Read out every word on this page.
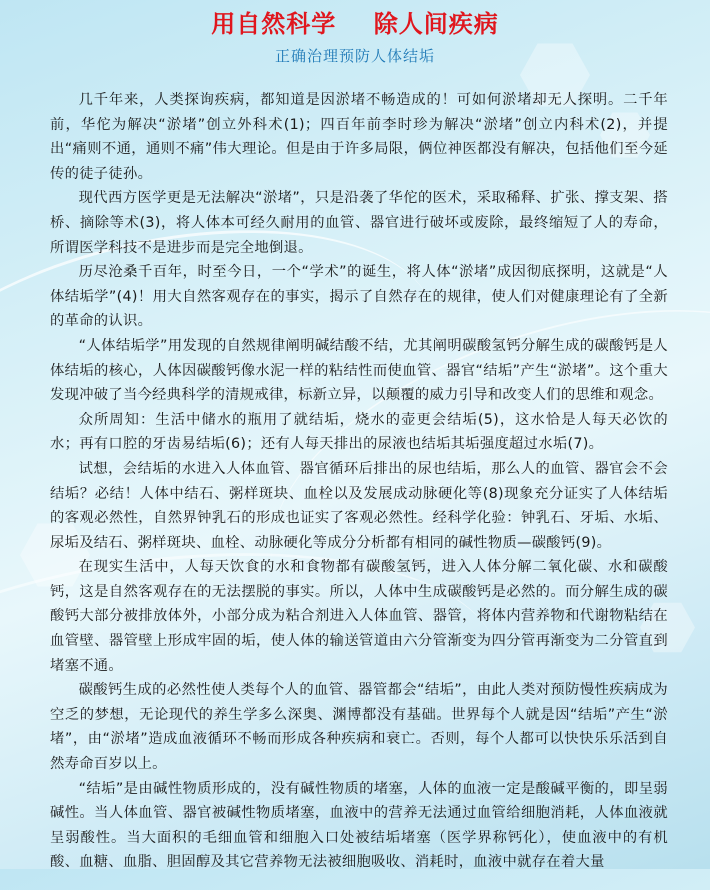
用自然科学    除人间疾病
正确治理预防人体结垢

几千年来，人类探询疾病，都知道是因淤堵不畅造成的！可如何淤堵却无人探明。二千年前，华佗为解决“淤堵”创立外科术(1)；四百年前李时珍为解决“淤堵”创立内科术(2)，并提出“痛则不通，通则不痛”伟大理论。但是由于许多局限，俩位神医都没有解决，包括他们至今延传的徒子徒孙。

现代西方医学更是无法解决“淤堵”，只是沿袭了华佗的医术，采取稀释、扩张、撑支架、搭桥、摘除等术(3)，将人体本可经久耐用的血管、器官进行破坏或废除，最终缩短了人的寿命，所谓医学科技不是进步而是完全地倒退。

历尽沧桑千百年，时至今日，一个“学术”的诞生，将人体“淤堵”成因彻底探明，这就是“人体结垢学”(4)！用大自然客观存在的事实，揭示了自然存在的规律，使人们对健康理论有了全新的革命的认识。

“人体结垢学”用发现的自然规律阐明碱结酸不结，尤其阐明碳酸氢钙分解生成的碳酸钙是人体结垢的核心，人体因碳酸钙像水泥一样的粘结性而使血管、器官“结垢”产生“淤堵”。这个重大发现冲破了当今经典科学的清规戒律，标新立异，以颠覆的威力引导和改变人们的思维和观念。

众所周知：生活中储水的瓶用了就结垢，烧水的壶更会结垢(5)，这水恰是人每天必饮的水；再有口腔的牙齿易结垢(6)；还有人每天排出的尿液也结垢其垢强度超过水垢(7)。

试想，会结垢的水进入人体血管、器官循环后排出的尿也结垢，那么人的血管、器官会不会结垢？必结！人体中结石、粥样斑块、血栓以及发展成动脉硬化等(8)现象充分证实了人体结垢的客观必然性，自然界钟乳石的形成也证实了客观必然性。经科学化验：钟乳石、牙垢、水垢、尿垢及结石、粥样斑块、血栓、动脉硬化等成分分析都有相同的碱性物质—碳酸钙(9)。

在现实生活中，人每天饮食的水和食物都有碳酸氢钙，进入人体分解二氧化碳、水和碳酸钙，这是自然客观存在的无法摆脱的事实。所以，人体中生成碳酸钙是必然的。而分解生成的碳酸钙大部分被排放体外，小部分成为粘合剂进入人体血管、器管，将体内营养物和代谢物粘结在血管壁、器管壁上形成牢固的垢，使人体的输送管道由六分管渐变为四分管再渐变为二分管直到堵塞不通。

碳酸钙生成的必然性使人类每个人的血管、器管都会“结垢”，由此人类对预防慢性疾病成为空乏的梦想，无论现代的养生学多么深奥、渊博都没有基础。世界每个人就是因“结垢”产生“淤堵”，由“淤堵”造成血液循环不畅而形成各种疾病和衰亡。否则，每个人都可以快快乐乐活到自然寿命百岁以上。

“结垢”是由碱性物质形成的，没有碱性物质的堵塞，人体的血液一定是酸碱平衡的，即呈弱碱性。当人体血管、器官被碱性物质堵塞，血液中的营养无法通过血管给细胞消耗，人体血液就呈弱酸性。当大面积的毛细血管和细胞入口处被结垢堵塞（医学界称钙化），使血液中的有机酸、血糖、血脂、胆固醇及其它营养物无法被细胞吸收、消耗时，血液中就存在着大量
